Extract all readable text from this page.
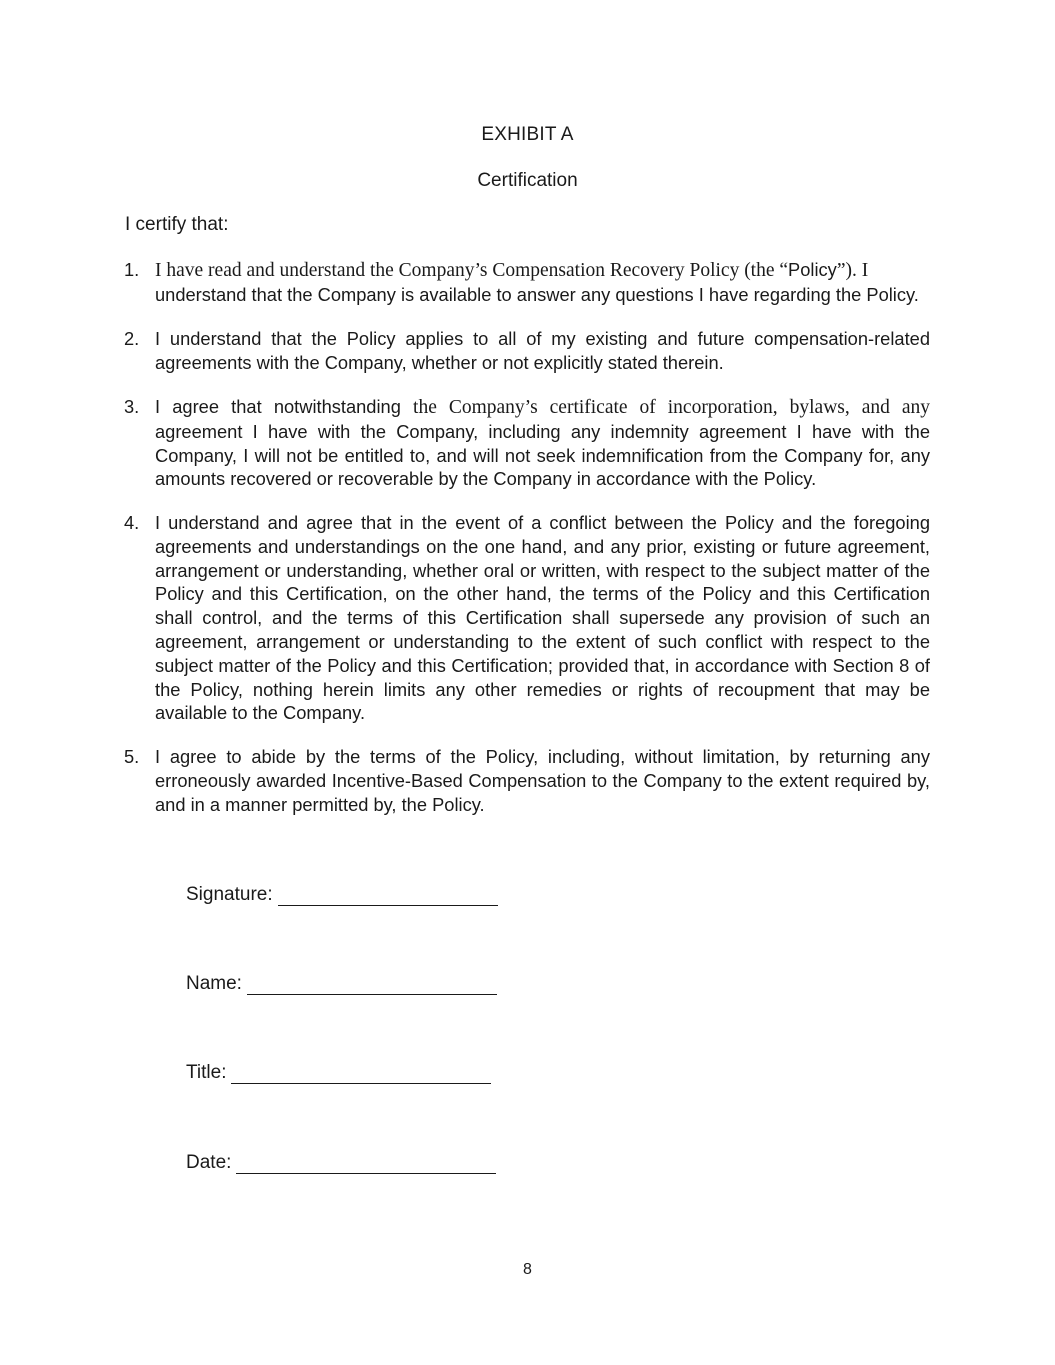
EXHIBIT A
Certification
I certify that:
1. I have read and understand the Company’s Compensation Recovery Policy (the “Policy”). I
understand that the Company is available to answer any questions I have regarding the Policy.
2. I understand that the Policy applies to all of my existing and future compensation-related agreements with the Company, whether or not explicitly stated therein.
3. I agree that notwithstanding the Company’s certificate of incorporation, bylaws, and any agreement I have with the Company, including any indemnity agreement I have with the Company, I will not be entitled to, and will not seek indemnification from the Company for, any amounts recovered or recoverable by the Company in accordance with the Policy.
4. I understand and agree that in the event of a conflict between the Policy and the foregoing agreements and understandings on the one hand, and any prior, existing or future agreement, arrangement or understanding, whether oral or written, with respect to the subject matter of the Policy and this Certification, on the other hand, the terms of the Policy and this Certification shall control, and the terms of this Certification shall supersede any provision of such an agreement, arrangement or understanding to the extent of such conflict with respect to the subject matter of the Policy and this Certification; provided that, in accordance with Section 8 of the Policy, nothing herein limits any other remedies or rights of recoupment that may be available to the Company.
5. I agree to abide by the terms of the Policy, including, without limitation, by returning any erroneously awarded Incentive-Based Compensation to the Company to the extent required by, and in a manner permitted by, the Policy.
Signature:
Name:
Title:
Date:
8
